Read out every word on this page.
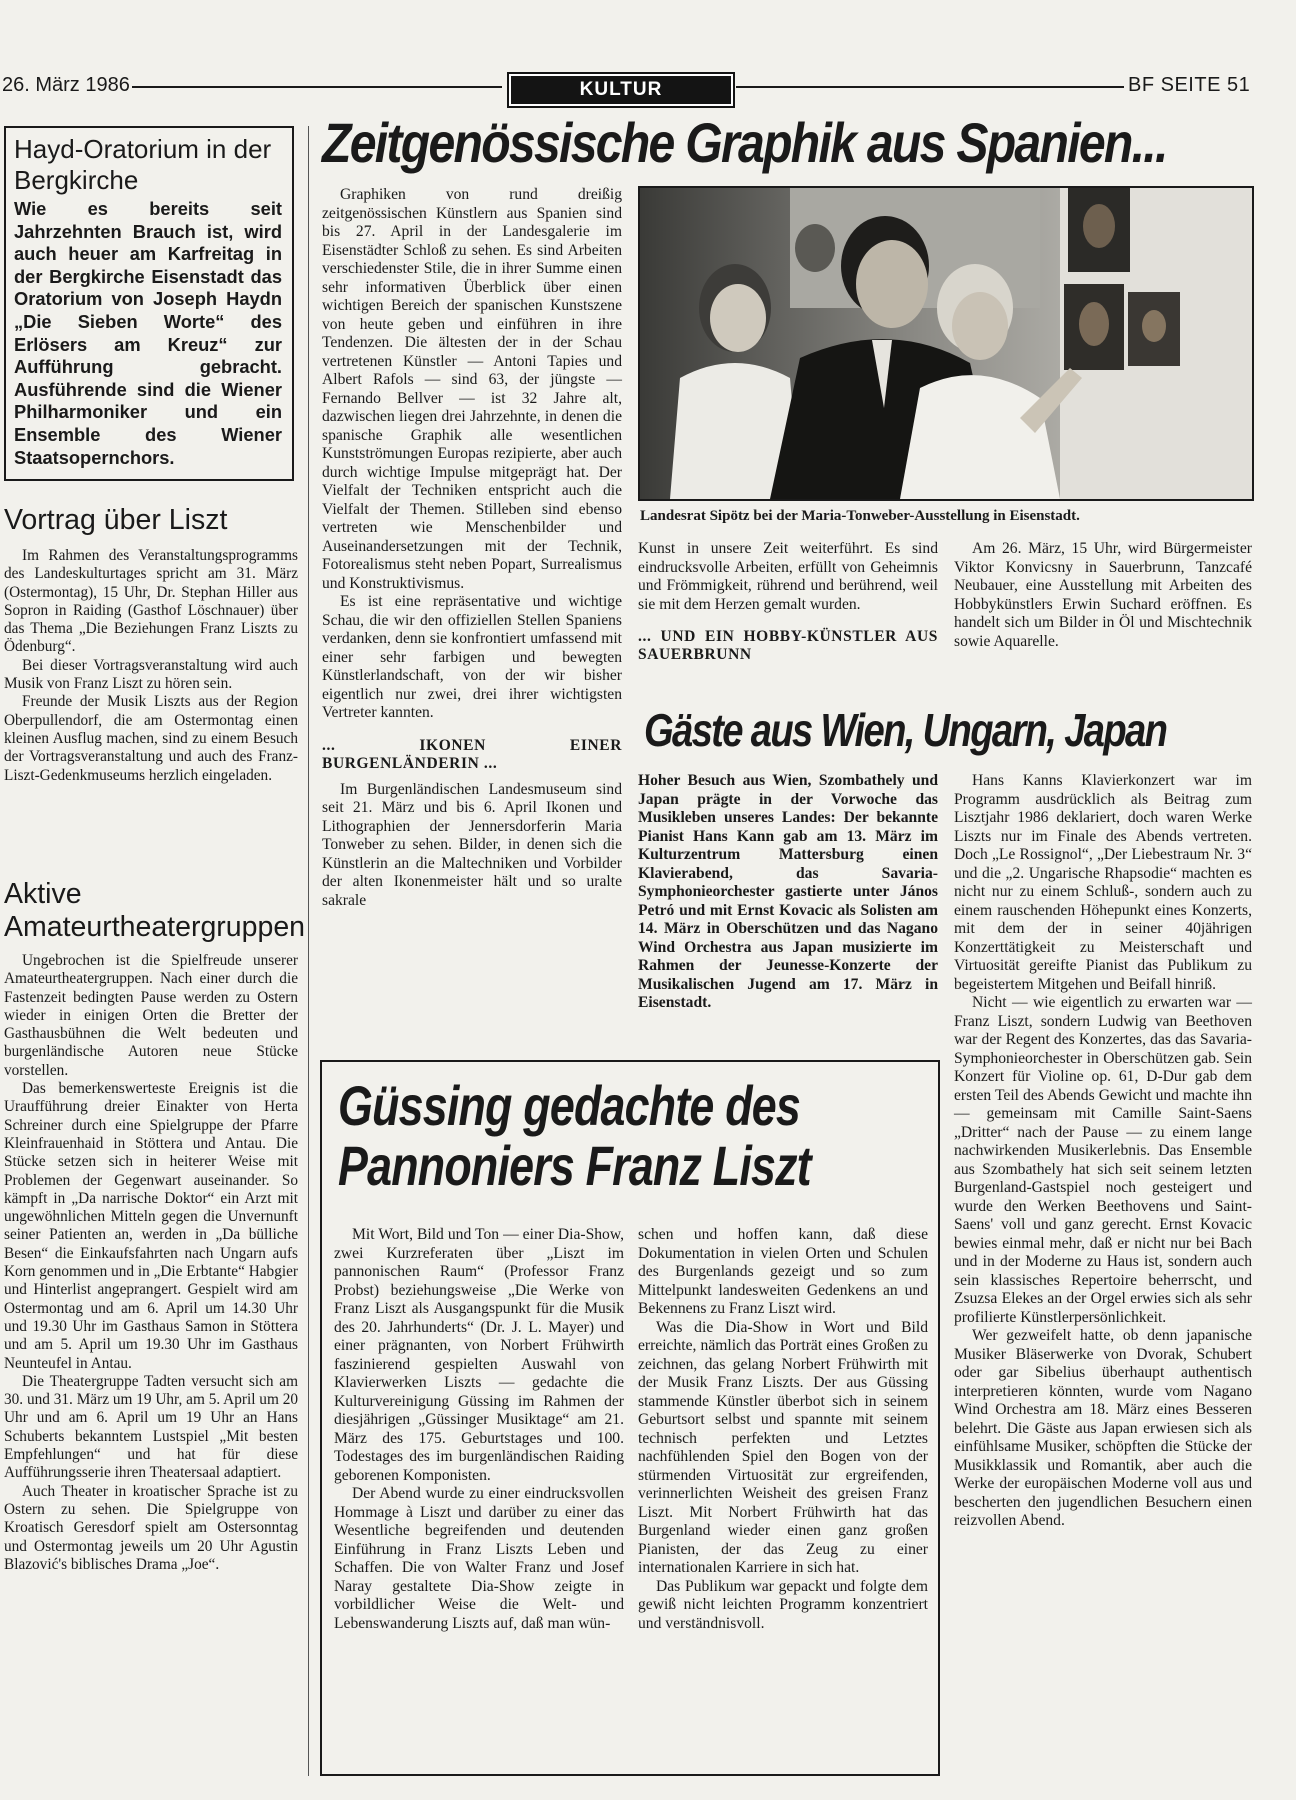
26. März 1986	KULTUR	BF SEITE 51
Hayd-Oratorium in der Bergkirche
Wie es bereits seit Jahrzehnten Brauch ist, wird auch heuer am Karfreitag in der Bergkirche Eisenstadt das Oratorium von Joseph Haydn „Die Sieben Worte“ des Erlösers am Kreuz“ zur Aufführung gebracht. Ausführende sind die Wiener Philharmoniker und ein Ensemble des Wiener Staatsopernchors.
Vortrag über Liszt

Im Rahmen des Veranstaltungsprogramms des Landeskulturtages spricht am 31. März (Ostermontag), 15 Uhr, Dr. Stephan Hiller aus Sopron in Raiding (Gasthof Löschnauer) über das Thema „Die Beziehungen Franz Liszts zu Ödenburg“.

Bei dieser Vortragsveranstaltung wird auch Musik von Franz Liszt zu hören sein.

Freunde der Musik Liszts aus der Region Oberpullendorf, die am Ostermontag einen kleinen Ausflug machen, sind zu einem Besuch der Vortragsveranstaltung und auch des Franz-Liszt-Gedenkmuseums herzlich eingeladen.

Aktive Amateurtheatergruppen

Ungebrochen ist die Spielfreude unserer Amateurtheatergruppen. Nach einer durch die Fastenzeit bedingten Pause werden zu Ostern wieder in einigen Orten die Bretter der Gasthausbühnen die Welt bedeuten und burgenländische Autoren neue Stücke vorstellen.

Das bemerkenswerteste Ereignis ist die Uraufführung dreier Einakter von Herta Schreiner durch eine Spielgruppe der Pfarre Kleinfrauenhaid in Stöttera und Antau. Die Stücke setzen sich in heiterer Weise mit Problemen der Gegenwart auseinander. So kämpft in „Da narrische Doktor“ ein Arzt mit ungewöhnlichen Mitteln gegen die Unvernunft seiner Patienten an, werden in „Da bülliche Besen“ die Einkaufsfahrten nach Ungarn aufs Korn genommen und in „Die Erbtante“ Habgier und Hinterlist angeprangert. Gespielt wird am Ostermontag und am 6. April um 14.30 Uhr und 19.30 Uhr im Gasthaus Samon in Stöttera und am 5. April um 19.30 Uhr im Gasthaus Neunteufel in Antau.

Die Theatergruppe Tadten versucht sich am 30. und 31. März um 19 Uhr, am 5. April um 20 Uhr und am 6. April um 19 Uhr an Hans Schuberts bekanntem Lustspiel „Mit besten Empfehlungen“ und hat für diese Aufführungsserie ihren Theatersaal adaptiert.

Auch Theater in kroatischer Sprache ist zu Ostern zu sehen. Die Spielgruppe von Kroatisch Geresdorf spielt am Ostersonntag und Ostermontag jeweils um 20 Uhr Agustin Blazović's biblisches Drama „Joe“.

Zeitgenössische Graphik aus Spanien...

Graphiken von rund dreißig zeitgenössischen Künstlern aus Spanien sind bis 27. April in der Landesgalerie im Eisenstädter Schloß zu sehen. Es sind Arbeiten verschiedenster Stile, die in ihrer Summe einen sehr informativen Überblick über einen wichtigen Bereich der spanischen Kunstszene von heute geben und einführen in ihre Tendenzen. Die ältesten der in der Schau vertretenen Künstler — Antoni Tapies und Albert Rafols — sind 63, der jüngste — Fernando Bellver — ist 32 Jahre alt, dazwischen liegen drei Jahrzehnte, in denen die spanische Graphik alle wesentlichen Kunstströmungen Europas rezipierte, aber auch durch wichtige Impulse mitgeprägt hat. Der Vielfalt der Techniken entspricht auch die Vielfalt der Themen. Stilleben sind ebenso vertreten wie Menschenbilder und Auseinandersetzungen mit der Technik, Fotorealismus steht neben Popart, Surrealismus und Konstruktivismus.

Es ist eine repräsentative und wichtige Schau, die wir den offiziellen Stellen Spaniens verdanken, denn sie konfrontiert umfassend mit einer sehr farbigen und bewegten Künstlerlandschaft, von der wir bisher eigentlich nur zwei, drei ihrer wichtigsten Vertreter kannten.

... IKONEN EINER BURGENLÄNDERIN ...

Im Burgenländischen Landesmuseum sind seit 21. März und bis 6. April Ikonen und Lithographien der Jennersdorferin Maria Tonweber zu sehen. Bilder, in denen sich die Künstlerin an die Maltechniken und Vorbilder der alten Ikonenmeister hält und so uralte sakrale

Landesrat Sipötz bei der Maria-Tonweber-Ausstellung in Eisenstadt.

Kunst in unsere Zeit weiterführt. Es sind eindrucksvolle Arbeiten, erfüllt von Geheimnis und Frömmigkeit, rührend und berührend, weil sie mit dem Herzen gemalt wurden.

... UND EIN HOBBY-KÜNSTLER AUS SAUERBRUNN

Am 26. März, 15 Uhr, wird Bürgermeister Viktor Konvicsny in Sauerbrunn, Tanzcafé Neubauer, eine Ausstellung mit Arbeiten des Hobbykünstlers Erwin Suchard eröffnen. Es handelt sich um Bilder in Öl und Mischtechnik sowie Aquarelle.

Gäste aus Wien, Ungarn, Japan
Hoher Besuch aus Wien, Szombathely und Japan prägte in der Vorwoche das Musikleben unseres Landes: Der bekannte Pianist Hans Kann gab am 13. März im Kulturzentrum Mattersburg einen Klavierabend, das Savaria-Symphonieorchester gastierte unter János Petró und mit Ernst Kovacic als Solisten am 14. März in Oberschützen und das Nagano Wind Orchestra aus Japan musizierte im Rahmen der Jeunesse-Konzerte der Musikalischen Jugend am 17. März in Eisenstadt.

Hans Kanns Klavierkonzert war im Programm ausdrücklich als Beitrag zum Lisztjahr 1986 deklariert, doch waren Werke Liszts nur im Finale des Abends vertreten. Doch „Le Rossignol“, „Der Liebestraum Nr. 3“ und die „2. Ungarische Rhapsodie“ machten es nicht nur zu einem Schluß-, sondern auch zu einem rauschenden Höhepunkt eines Konzerts, mit dem der in seiner 40jährigen Konzerttätigkeit zu Meisterschaft und Virtuosität gereifte Pianist das Publikum zu begeistertem Mitgehen und Beifall hinriß.

Nicht — wie eigentlich zu erwarten war — Franz Liszt, sondern Ludwig van Beethoven war der Regent des Konzertes, das das Savaria-Symphonieorchester in Oberschützen gab. Sein Konzert für Violine op. 61, D-Dur gab dem ersten Teil des Abends Gewicht und machte ihn — gemeinsam mit Camille Saint-Saens „Dritter“ nach der Pause — zu einem lange nachwirkenden Musikerlebnis. Das Ensemble aus Szombathely hat sich seit seinem letzten Burgenland-Gastspiel noch gesteigert und wurde den Werken Beethovens und Saint-Saens' voll und ganz gerecht. Ernst Kovacic bewies einmal mehr, daß er nicht nur bei Bach und in der Moderne zu Haus ist, sondern auch sein klassisches Repertoire beherrscht, und Zsuzsa Elekes an der Orgel erwies sich als sehr profilierte Künstlerpersönlichkeit.

Wer gezweifelt hatte, ob denn japanische Musiker Bläserwerke von Dvorak, Schubert oder gar Sibelius überhaupt authentisch interpretieren könnten, wurde vom Nagano Wind Orchestra am 18. März eines Besseren belehrt. Die Gäste aus Japan erwiesen sich als einfühlsame Musiker, schöpften die Stücke der Musikklassik und Romantik, aber auch die Werke der europäischen Moderne voll aus und bescherten den jugendlichen Besuchern einen reizvollen Abend.

Güssing gedachte des
Pannoniers Franz Liszt

Mit Wort, Bild und Ton — einer Dia-Show, zwei Kurzreferaten über „Liszt im pannonischen Raum“ (Professor Franz Probst) beziehungsweise „Die Werke von Franz Liszt als Ausgangspunkt für die Musik des 20. Jahrhunderts“ (Dr. J. L. Mayer) und einer prägnanten, von Norbert Frühwirth faszinierend gespielten Auswahl von Klavierwerken Liszts — gedachte die Kulturvereinigung Güssing im Rahmen der diesjährigen „Güssinger Musiktage“ am 21. März des 175. Geburtstages und 100. Todestages des im burgenländischen Raiding geborenen Komponisten.

Der Abend wurde zu einer eindrucksvollen Hommage à Liszt und darüber zu einer das Wesentliche begreifenden und deutenden Einführung in Franz Liszts Leben und Schaffen. Die von Walter Franz und Josef Naray gestaltete Dia-Show zeigte in vorbildlicher Weise die Welt- und Lebenswanderung Liszts auf, daß man wün-

schen und hoffen kann, daß diese Dokumentation in vielen Orten und Schulen des Burgenlands gezeigt und so zum Mittelpunkt landesweiten Gedenkens an und Bekennens zu Franz Liszt wird.

Was die Dia-Show in Wort und Bild erreichte, nämlich das Porträt eines Großen zu zeichnen, das gelang Norbert Frühwirth mit der Musik Franz Liszts. Der aus Güssing stammende Künstler überbot sich in seinem Geburtsort selbst und spannte mit seinem technisch perfekten und Letztes nachfühlenden Spiel den Bogen von der stürmenden Virtuosität zur ergreifenden, verinnerlichten Weisheit des greisen Franz Liszt. Mit Norbert Frühwirth hat das Burgenland wieder einen ganz großen Pianisten, der das Zeug zu einer internationalen Karriere in sich hat.

Das Publikum war gepackt und folgte dem gewiß nicht leichten Programm konzentriert und verständnisvoll.
